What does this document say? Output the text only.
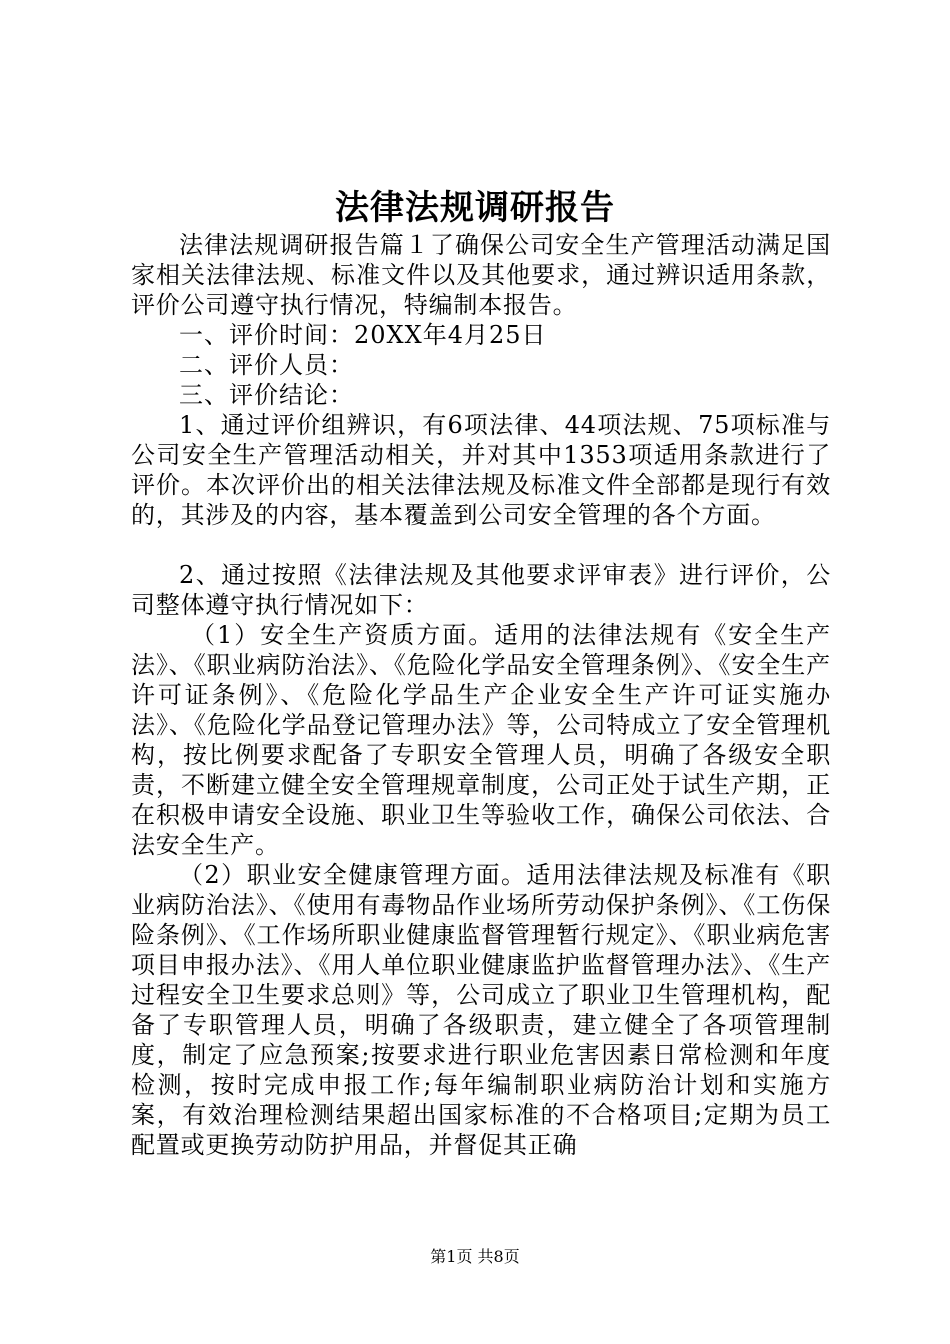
法律法规调研报告

法律法规调研报告篇１了确保公司安全生产管理活动满足国家相关法律法规、标准文件以及其他要求，通过辨识适用条款，评价公司遵守执行情况，特编制本报告。

一、评价时间：20XX年4月25日

二、评价人员：

三、评价结论：

1、通过评价组辨识，有6项法律、44项法规、75项标准与公司安全生产管理活动相关，并对其中1353项适用条款进行了评价。本次评价出的相关法律法规及标准文件全部都是现行有效的，其涉及的内容，基本覆盖到公司安全管理的各个方面。

2、通过按照《法律法规及其他要求评审表》进行评价，公司整体遵守执行情况如下：

（1）安全生产资质方面。适用的法律法规有《安全生产法》、《职业病防治法》、《危险化学品安全管理条例》、《安全生产许可证条例》、《危险化学品生产企业安全生产许可证实施办法》、《危险化学品登记管理办法》等，公司特成立了安全管理机构，按比例要求配备了专职安全管理人员，明确了各级安全职责，不断建立健全安全管理规章制度，公司正处于试生产期，正在积极申请安全设施、职业卫生等验收工作，确保公司依法、合法安全生产。

（2）职业安全健康管理方面。适用法律法规及标准有《职业病防治法》、《使用有毒物品作业场所劳动保护条例》、《工伤保险条例》、《工作场所职业健康监督管理暂行规定》、《职业病危害项目申报办法》、《用人单位职业健康监护监督管理办法》、《生产过程安全卫生要求总则》等，公司成立了职业卫生管理机构，配备了专职管理人员，明确了各级职责，建立健全了各项管理制度，制定了应急预案;按要求进行职业危害因素日常检测和年度检测，按时完成申报工作;每年编制职业病防治计划和实施方案，有效治理检测结果超出国家标准的不合格项目;定期为员工配置或更换劳动防护用品，并督促其正确

第1页 共8页
